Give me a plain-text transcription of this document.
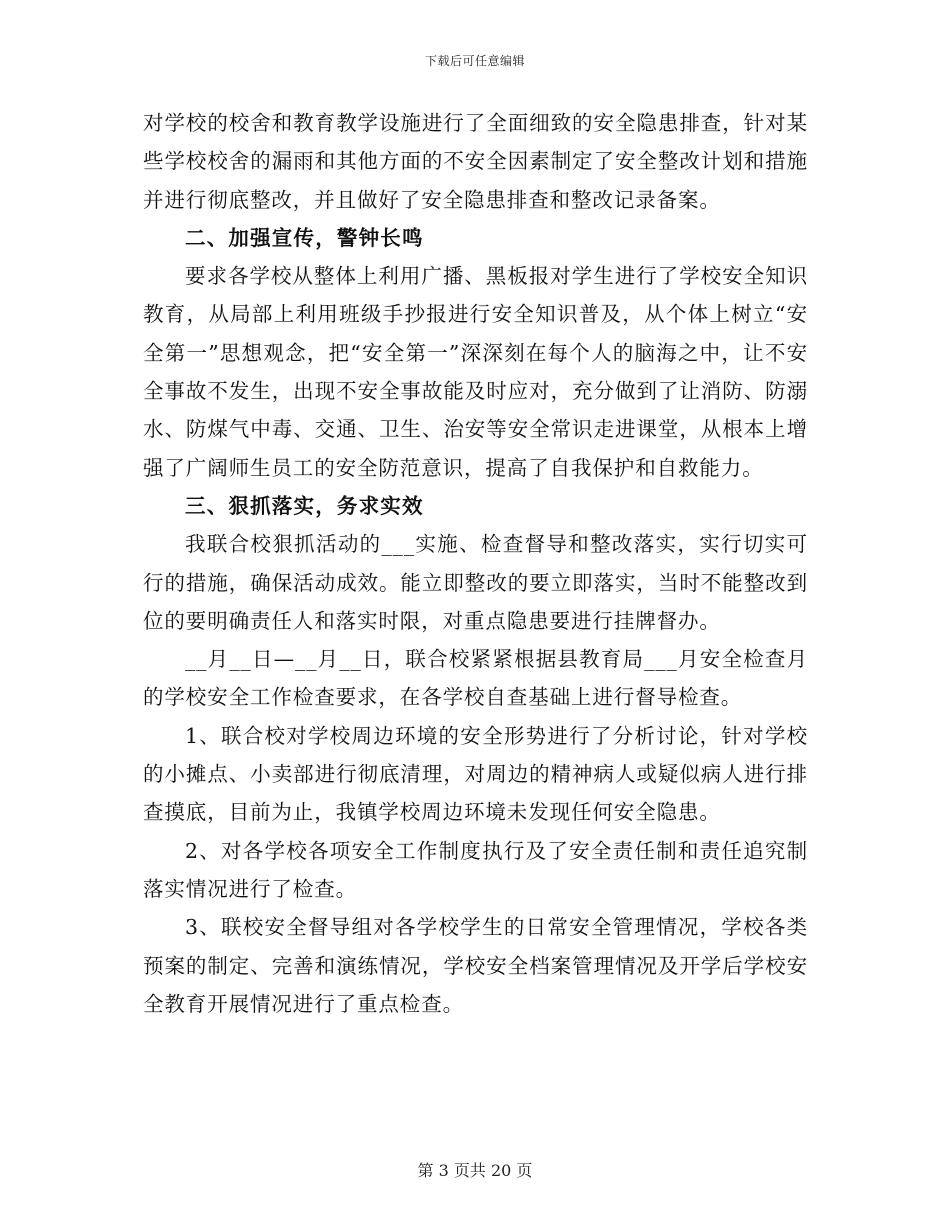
下载后可任意编辑

对学校的校舍和教育教学设施进行了全面细致的安全隐患排查，针对某些学校校舍的漏雨和其他方面的不安全因素制定了安全整改计划和措施并进行彻底整改，并且做好了安全隐患排查和整改记录备案。

二、加强宣传，警钟长鸣

要求各学校从整体上利用广播、黑板报对学生进行了学校安全知识教育，从局部上利用班级手抄报进行安全知识普及，从个体上树立“安全第一”思想观念，把“安全第一”深深刻在每个人的脑海之中，让不安全事故不发生，出现不安全事故能及时应对，充分做到了让消防、防溺水、防煤气中毒、交通、卫生、治安等安全常识走进课堂，从根本上增强了广阔师生员工的安全防范意识，提高了自我保护和自救能力。

三、狠抓落实，务求实效

我联合校狠抓活动的___实施、检查督导和整改落实，实行切实可行的措施，确保活动成效。能立即整改的要立即落实，当时不能整改到位的要明确责任人和落实时限，对重点隐患要进行挂牌督办。

__月__日—__月__日，联合校紧紧根据县教育局___月安全检查月的学校安全工作检查要求，在各学校自查基础上进行督导检查。

1、联合校对学校周边环境的安全形势进行了分析讨论，针对学校的小摊点、小卖部进行彻底清理，对周边的精神病人或疑似病人进行排查摸底，目前为止，我镇学校周边环境未发现任何安全隐患。

2、对各学校各项安全工作制度执行及了安全责任制和责任追究制落实情况进行了检查。

3、联校安全督导组对各学校学生的日常安全管理情况，学校各类预案的制定、完善和演练情况，学校安全档案管理情况及开学后学校安全教育开展情况进行了重点检查。

第 3 页共 20 页
